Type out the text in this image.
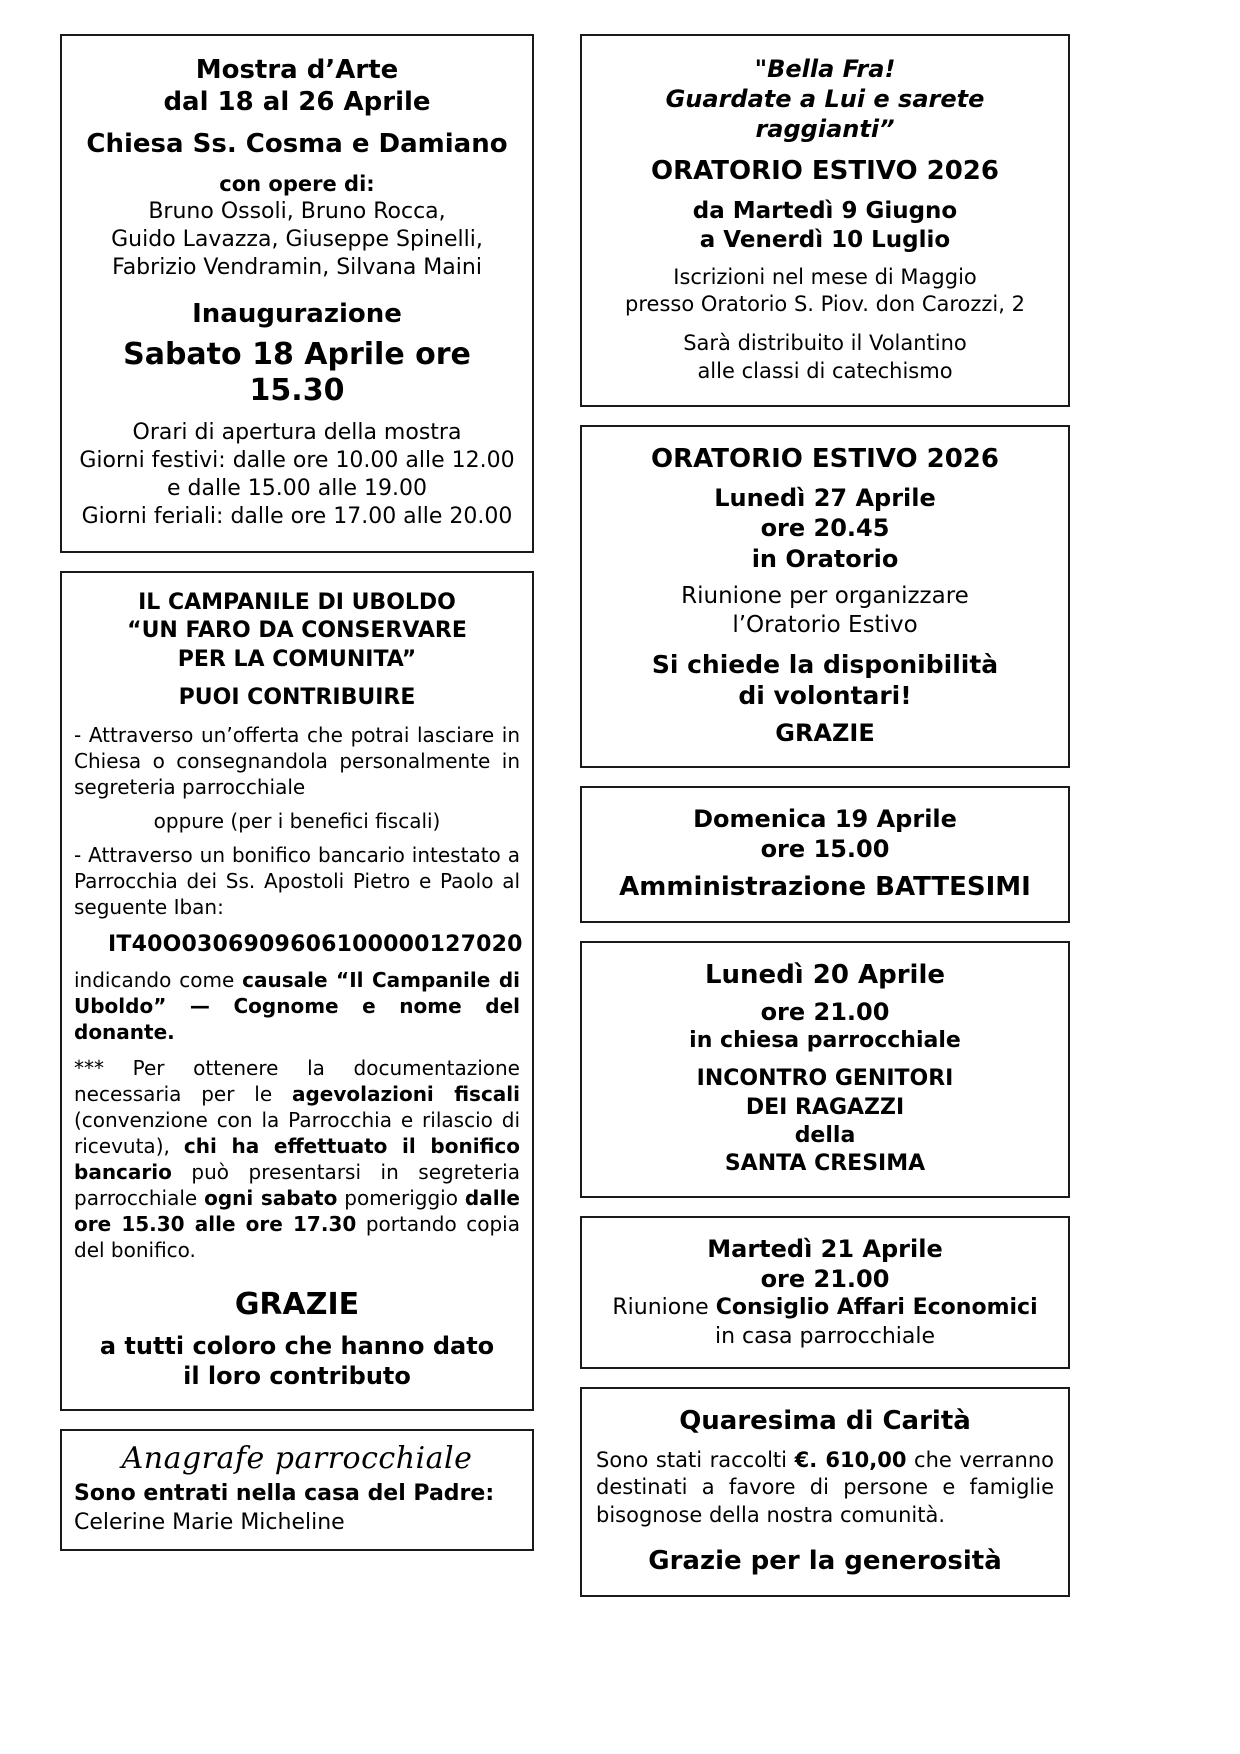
Mostra d’Arte

dal 18 al 26 Aprile

Chiesa Ss. Cosma e Damiano

con opere di:

Bruno Ossoli, Bruno Rocca,

Guido Lavazza, Giuseppe Spinelli,

Fabrizio Vendramin, Silvana Maini

Inaugurazione

Sabato 18 Aprile ore 15.30

Orari di apertura della mostra

Giorni festivi: dalle ore 10.00 alle 12.00

e dalle 15.00 alle 19.00

Giorni feriali: dalle ore 17.00 alle 20.00

IL CAMPANILE DI UBOLDO

“UN FARO DA CONSERVARE

PER LA COMUNITA”

PUOI CONTRIBUIRE

- Attraverso un’offerta che potrai lasciare in Chiesa o consegnandola personalmente in segreteria parrocchiale

oppure (per i benefici fiscali)

- Attraverso un bonifico bancario intestato a Parrocchia dei Ss. Apostoli Pietro e Paolo al seguente Iban:

IT40O0306909606100000127020

indicando come causale “Il Campanile di Uboldo” — Cognome e nome del donante.

*** Per ottenere la documentazione necessaria per le agevolazioni fiscali (convenzione con la Parrocchia e rilascio di ricevuta), chi ha effettuato il bonifico bancario può presentarsi in segreteria parrocchiale ogni sabato pomeriggio dalle ore 15.30 alle ore 17.30 portando copia del bonifico.

GRAZIE

a tutti coloro che hanno dato

il loro contributo

Anagrafe parrocchiale

Sono entrati nella casa del Padre:

Celerine Marie Micheline

"Bella Fra!

Guardate a Lui e sarete raggianti”

ORATORIO ESTIVO 2026

da Martedì 9 Giugno

a Venerdì 10 Luglio

Iscrizioni nel mese di Maggio

presso Oratorio S. Piov. don Carozzi, 2

Sarà distribuito il Volantino

alle classi di catechismo

ORATORIO ESTIVO 2026

Lunedì 27 Aprile

ore 20.45

in Oratorio

Riunione per organizzare

l’Oratorio Estivo

Si chiede la disponibilità

di volontari!

GRAZIE

Domenica 19 Aprile

ore 15.00

Amministrazione BATTESIMI

Lunedì 20 Aprile

ore 21.00

in chiesa parrocchiale

INCONTRO GENITORI

DEI RAGAZZI

della

SANTA CRESIMA

Martedì 21 Aprile

ore 21.00

Riunione Consiglio Affari Economici

in casa parrocchiale

Quaresima di Carità

Sono stati raccolti €. 610,00 che verranno destinati a favore di persone e famiglie bisognose della nostra comunità.

Grazie per la generosità
